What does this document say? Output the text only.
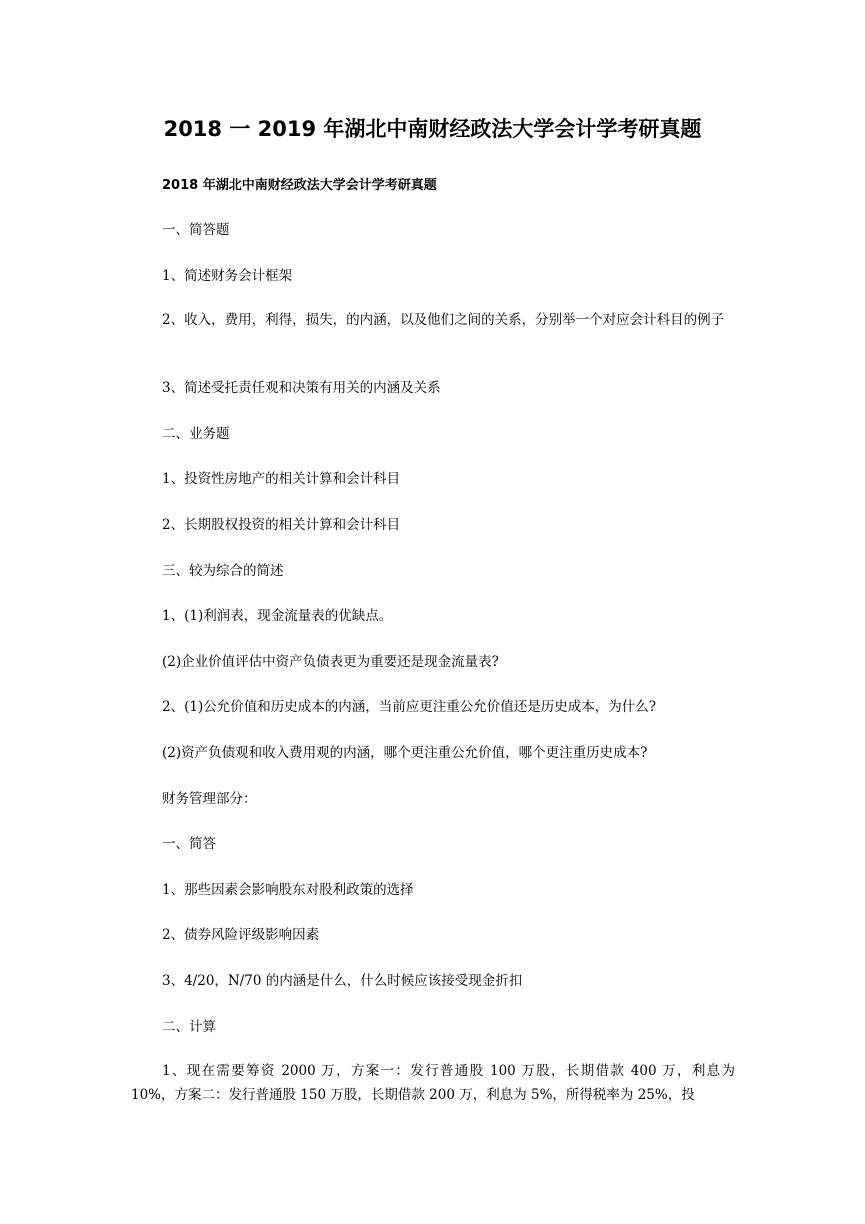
2018 一 2019 年湖北中南财经政法大学会计学考研真题
2018 年湖北中南财经政法大学会计学考研真题
一、简答题
1、简述财务会计框架
2、收入，费用，利得，损失，的内涵，以及他们之间的关系，分别举一个对应会计科目的例子
3、简述受托责任观和决策有用关的内涵及关系
二、业务题
1、投资性房地产的相关计算和会计科目
2、长期股权投资的相关计算和会计科目
三、较为综合的简述
1、(1)利润表，现金流量表的优缺点。
(2)企业价值评估中资产负债表更为重要还是现金流量表?
2、(1)公允价值和历史成本的内涵，当前应更注重公允价值还是历史成本，为什么?
(2)资产负债观和收入费用观的内涵，哪个更注重公允价值，哪个更注重历史成本?
财务管理部分：
一、简答
1、那些因素会影响股东对股利政策的选择
2、债券风险评级影响因素
3、4/20，N/70 的内涵是什么，什么时候应该接受现金折扣
二、计算
1、现在需要筹资 2000 万，方案一：发行普通股 100 万股，长期借款 400 万，利息为 10%，方案二：发行普通股 150 万股，长期借款 200 万，利息为 5%，所得税率为 25%，投
